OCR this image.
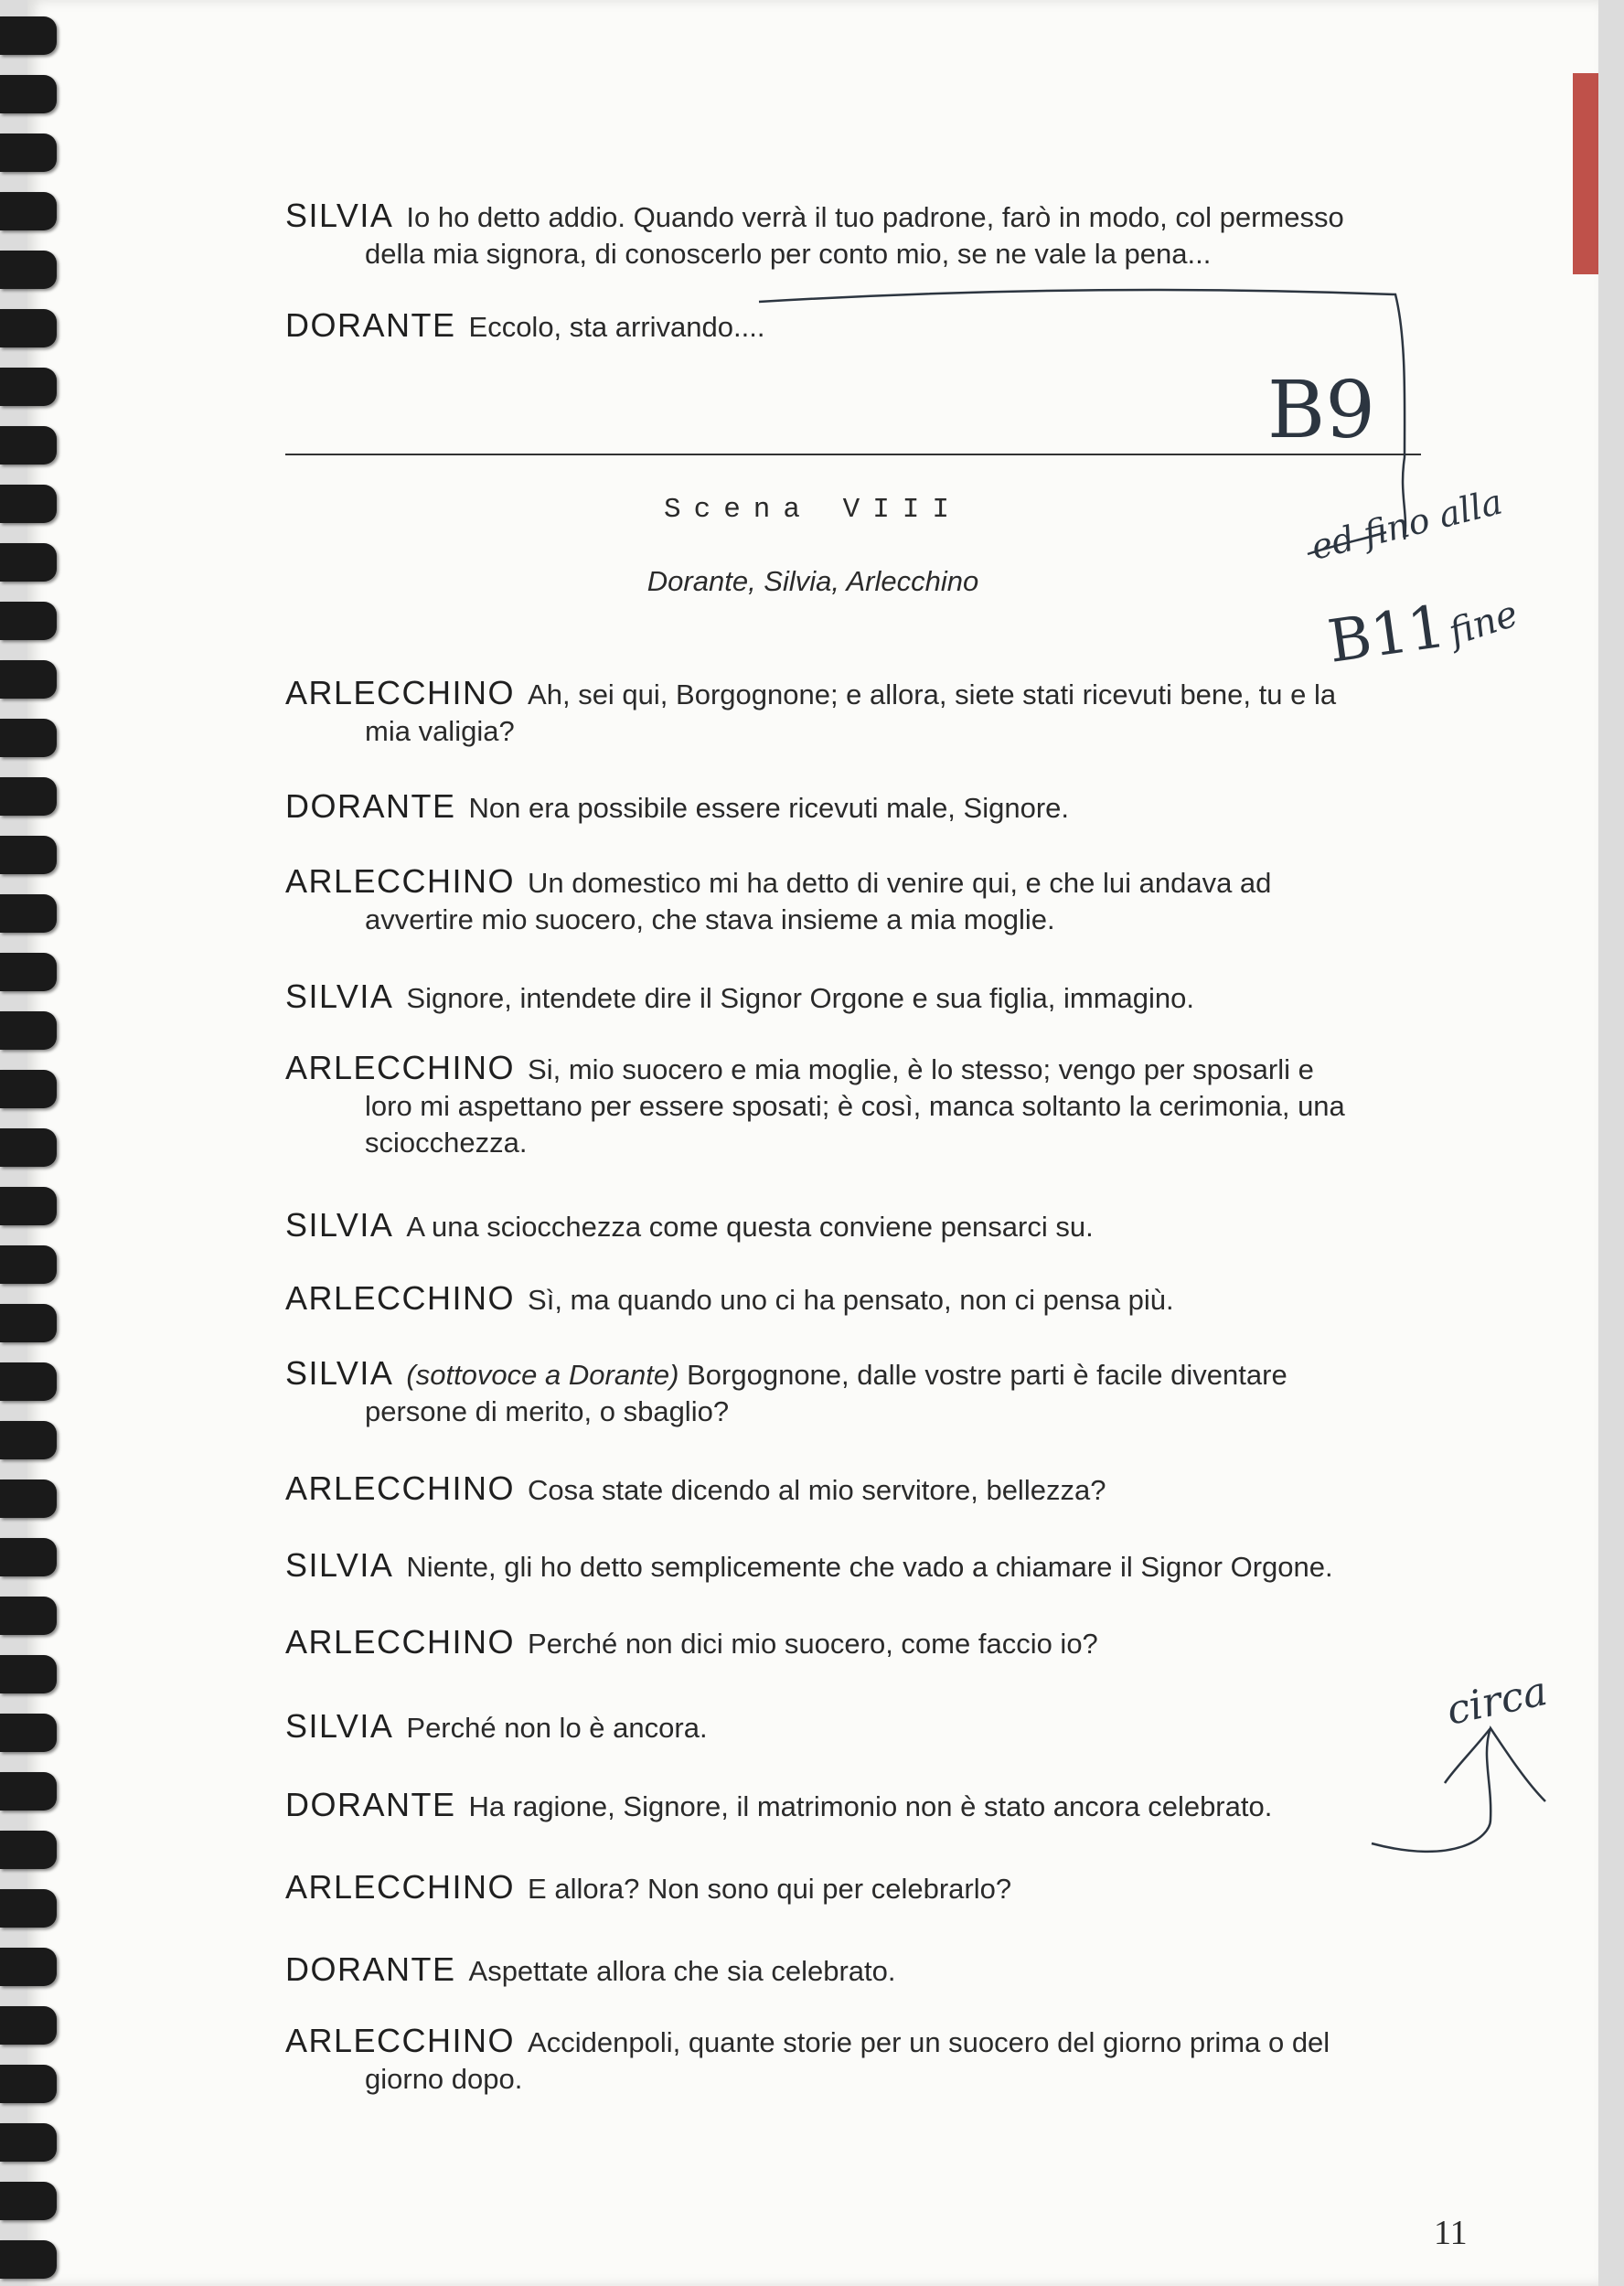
SILVIA Io ho detto addio. Quando verrà il tuo padrone, farò in modo, col permesso
della mia signora, di conoscerlo per conto mio, se ne vale la pena...
DORANTE Eccolo, sta arrivando....
Scena VIII
Dorante, Silvia, Arlecchino
ARLECCHINO Ah, sei qui, Borgognone; e allora, siete stati ricevuti bene, tu e la
mia valigia?
DORANTE Non era possibile essere ricevuti male, Signore.
ARLECCHINO Un domestico mi ha detto di venire qui, e che lui andava ad
avvertire mio suocero, che stava insieme a mia moglie.
SILVIA Signore, intendete dire il Signor Orgone e sua figlia, immagino.
ARLECCHINO Si, mio suocero e mia moglie, è lo stesso; vengo per sposarli e
loro mi aspettano per essere sposati; è così, manca soltanto la cerimonia, una
sciocchezza.
SILVIA A una sciocchezza come questa conviene pensarci su.
ARLECCHINO Sì, ma quando uno ci ha pensato, non ci pensa più.
SILVIA (sottovoce a Dorante) Borgognone, dalle vostre parti è facile diventare
persone di merito, o sbaglio?
ARLECCHINO Cosa state dicendo al mio servitore, bellezza?
SILVIA Niente, gli ho detto semplicemente che vado a chiamare il Signor Orgone.
ARLECCHINO Perché non dici mio suocero, come faccio io?
SILVIA Perché non lo è ancora.
DORANTE Ha ragione, Signore, il matrimonio non è stato ancora celebrato.
ARLECCHINO E allora? Non sono qui per celebrarlo?
DORANTE Aspettate allora che sia celebrato.
ARLECCHINO Accidenpoli, quante storie per un suocero del giorno prima o del
giorno dopo.
11
B9
ed fino alla
B11
fine
circa
